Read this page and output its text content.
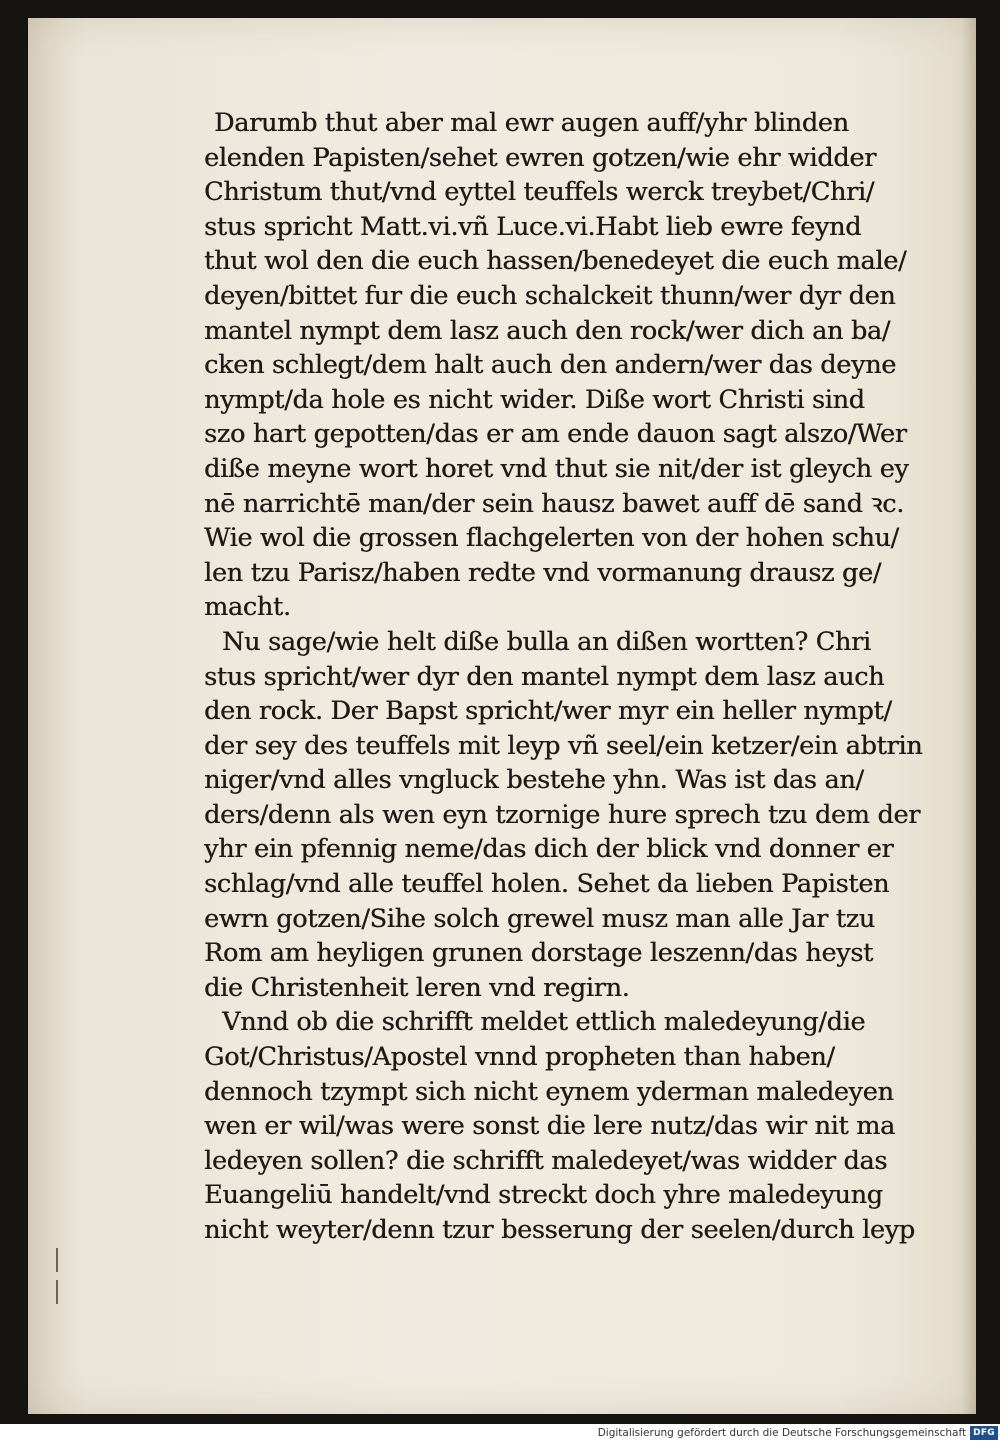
Darumb thut aber mal ewr augen auff/yhr blinden
elenden Papisten/sehet ewren gotzen/wie ehr widder
Christum thut/vnd eyttel teuffels werck treybet/Chri/
stus spricht Matt.vi.vñ Luce.vi.Habt lieb ewre feynd
thut wol den die euch hassen/benedeyet die euch male/
deyen/bittet fur die euch schalckeit thunn/wer dyr den
mantel nympt dem lasz auch den rock/wer dich an ba/
cken schlegt/dem halt auch den andern/wer das deyne
nympt/da hole es nicht wider. Diße wort Christi sind
szo hart gepotten/das er am ende dauon sagt alszo/Wer
diße meyne wort horet vnd thut sie nit/der ist gleych ey
nē narrichtē man/der sein hausz bawet auff dē sand ꝛc.
Wie wol die grossen flachgelerten von der hohen schu/
len tzu Parisz/haben redte vnd vormanung drausz ge/
macht.
Nu sage/wie helt diße bulla an dißen wortten? Chri
stus spricht/wer dyr den mantel nympt dem lasz auch
den rock. Der Bapst spricht/wer myr ein heller nympt/
der sey des teuffels mit leyp vñ seel/ein ketzer/ein abtrin
niger/vnd alles vngluck bestehe yhn. Was ist das an/
ders/denn als wen eyn tzornige hure sprech tzu dem der
yhr ein pfennig neme/das dich der blick vnd donner er
schlag/vnd alle teuffel holen. Sehet da lieben Papisten
ewrn gotzen/Sihe solch grewel musz man alle Jar tzu
Rom am heyligen grunen dorstage leszenn/das heyst
die Christenheit leren vnd regirn.
Vnnd ob die schrifft meldet ettlich maledeyung/die
Got/Christus/Apostel vnnd propheten than haben/
dennoch tzympt sich nicht eynem yderman maledeyen
wen er wil/was were sonst die lere nutz/das wir nit ma
ledeyen sollen? die schrifft maledeyet/was widder das
Euangeliū handelt/vnd streckt doch yhre maledeyung
nicht weyter/denn tzur besserung der seelen/durch leyp
Digitalisierung gefördert durch die Deutsche Forschungsgemeinschaft DFG
